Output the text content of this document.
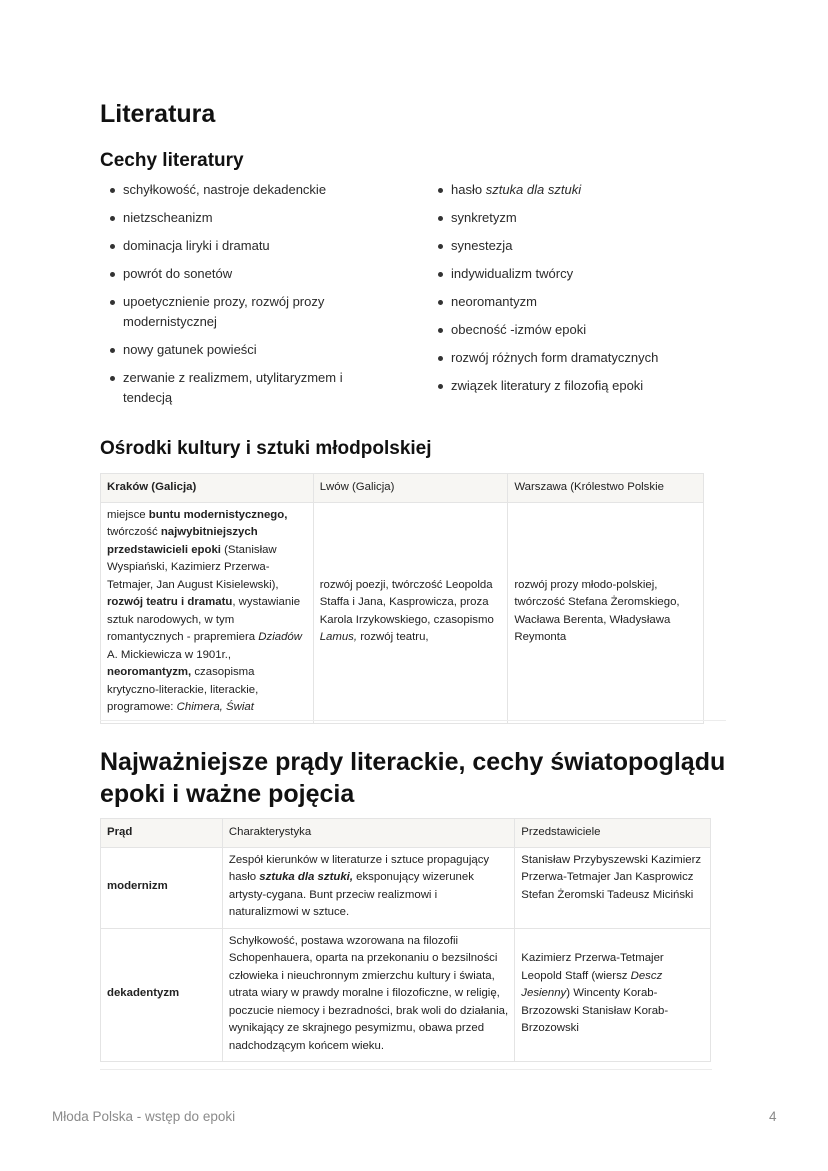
Literatura
Cechy literatury
schyłkowość, nastroje dekadenckie
nietzscheanizm
dominacja liryki i dramatu
powrót do sonetów
upoetycznienie prozy, rozwój prozy modernistycznej
nowy gatunek powieści
zerwanie z realizmem, utylitaryzmem i tendecją
hasło sztuka dla sztuki
synkretyzm
synestezja
indywidualizm twórcy
neoromantyzm
obecność -izmów epoki
rozwój różnych form dramatycznych
związek literatury z filozofią epoki
Ośrodki kultury i sztuki młodpolskiej
Kraków (Galicja)	Lwów (Galicja)	Warszawa (Królestwo Polskie
miejsce buntu modernistycznego, twórczość najwybitniejszych przedstawicieli epoki (Stanisław Wyspiański, Kazimierz Przerwa-Tetmajer, Jan August Kisielewski), rozwój teatru i dramatu, wystawianie sztuk narodowych, w tym romantycznych - prapremiera Dziadów A. Mickiewicza w 1901r., neoromantyzm, czasopisma krytyczno-literackie, literackie, programowe: Chimera, Świat	rozwój poezji, twórczość Leopolda Staffa i Jana, Kasprowicza, proza Karola Irzykowskiego, czasopismo Lamus, rozwój teatru,	rozwój prozy młodo-polskiej, twórczość Stefana Żeromskiego, Wacława Berenta, Władysława Reymonta
Najważniejsze prądy literackie, cechy światopoglądu epoki i ważne pojęcia
Prąd	Charakterystyka	Przedstawiciele
modernizm	Zespół kierunków w literaturze i sztuce propagujący hasło sztuka dla sztuki, eksponujący wizerunek artysty-cygana. Bunt przeciw realizmowi i naturalizmowi w sztuce.	Stanisław Przybyszewski Kazimierz Przerwa-Tetmajer Jan Kasprowicz Stefan Żeromski Tadeusz Miciński
dekadentyzm	Schyłkowość, postawa wzorowana na filozofii Schopenhauera, oparta na przekonaniu o bezsilności człowieka i nieuchronnym zmierzchu kultury i świata, utrata wiary w prawdy moralne i filozoficzne, w religię, poczucie niemocy i bezradności, brak woli do działania, wynikający ze skrajnego pesymizmu, obawa przed nadchodzącym końcem wieku.	Kazimierz Przerwa-Tetmajer Leopold Staff (wiersz Descz Jesienny) Wincenty Korab-Brzozowski Stanisław Korab-Brzozowski
Młoda Polska - wstęp do epoki	4
